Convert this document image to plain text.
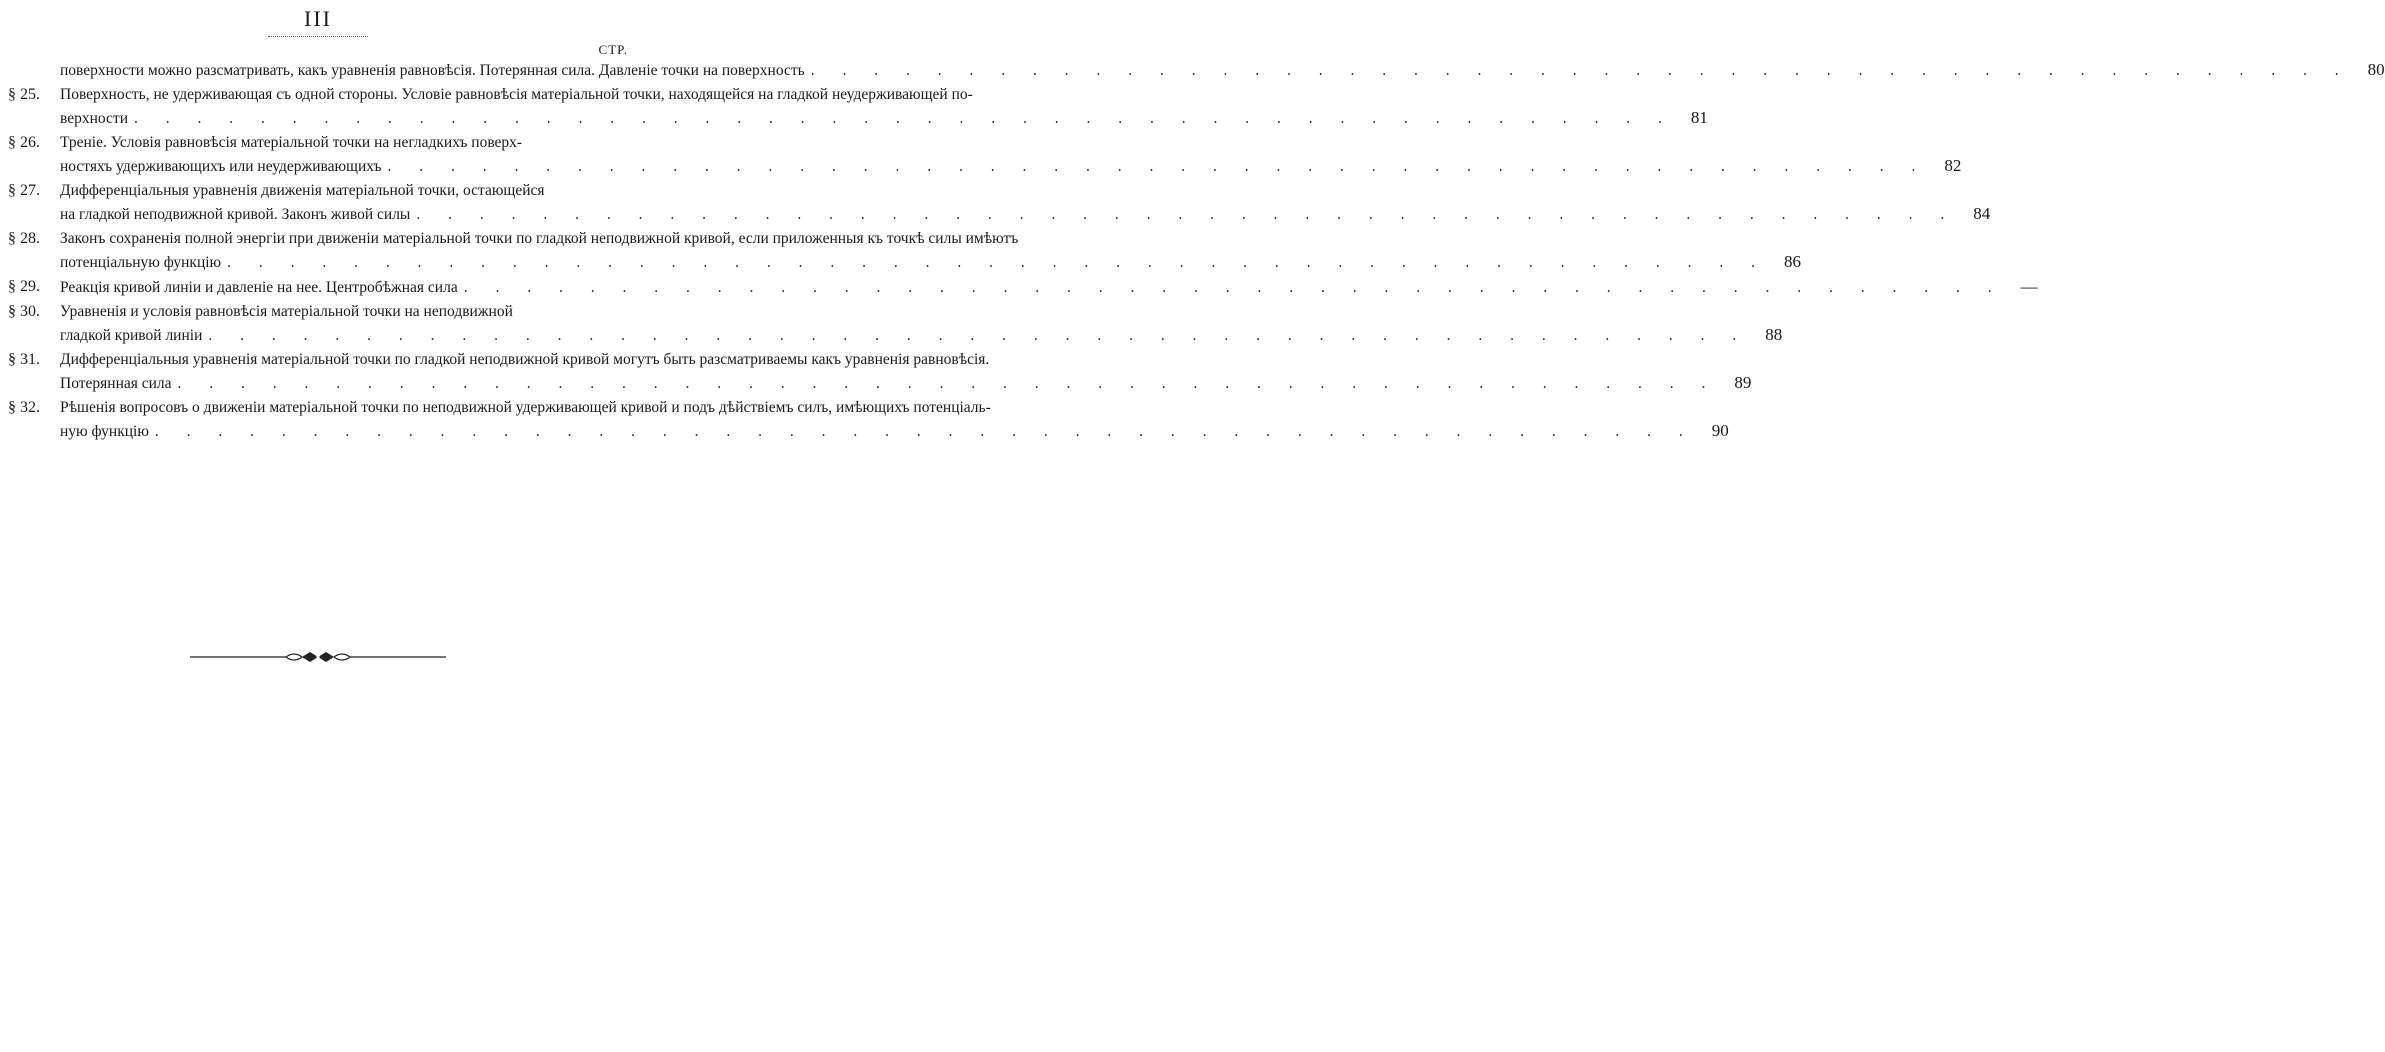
III
СТР.
поверхности можно разсматривать, какъ уравненія равновѣсія. Потерянная сила. Давленіе точки на поверхность . . .	80
§ 25.	Поверхность, не удерживающая съ одной стороны. Условіе равновѣсія матеріальной точки, находящейся на гладкой неудерживающей по-
верхности . . .	81
§ 26.	Треніе. Условія равновѣсія матеріальной точки на негладкихъ поверх-
ностяхъ удерживающихъ или неудерживающихъ . . .	82
§ 27.	Дифференціальныя уравненія движенія матеріальной точки, остающейся
на гладкой неподвижной кривой. Законъ живой силы . . .	84
§ 28.	Законъ сохраненія полной энергіи при движеніи матеріальной точки по гладкой неподвижной кривой, если приложенныя къ точкѣ силы имѣютъ
потенціальную функцію . . .	86
§ 29.	Реакція кривой линіи и давленіе на нее. Центробѣжная сила . . .	—
§ 30.	Уравненія и условія равновѣсія матеріальной точки на неподвижной
гладкой кривой линіи . . .	88
§ 31.	Дифференціальныя уравненія матеріальной точки по гладкой неподвижной кривой могутъ быть разсматриваемы какъ уравненія равновѣсія.
Потерянная сила . . .	89
§ 32.	Рѣшенія вопросовъ о движеніи матеріальной точки по неподвижной удерживающей кривой и подъ дѣйствіемъ силъ, имѣющихъ потенціаль-
ную функцію . . .	90
